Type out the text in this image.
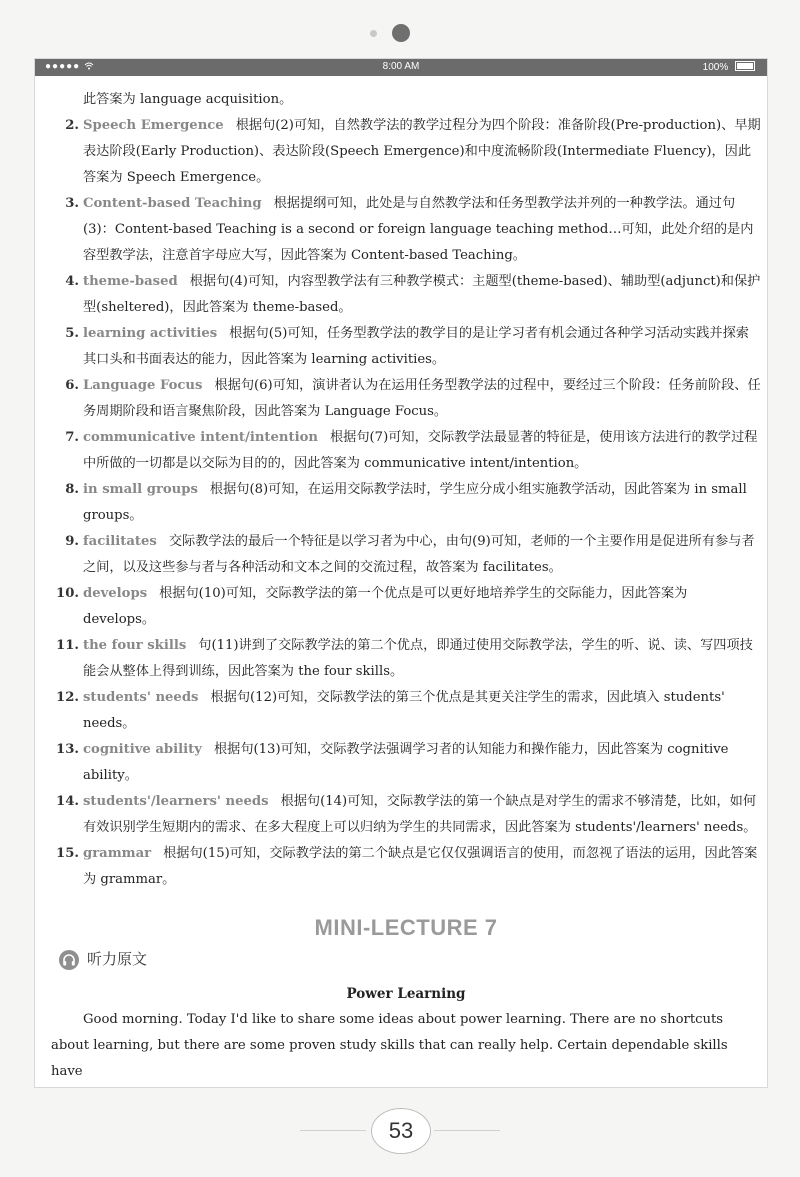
●●●●●	8:00 AM	100%
此答案为 language acquisition。
2. Speech Emergence 根据句(2)可知，自然教学法的教学过程分为四个阶段：准备阶段(Pre-production)、早期表达阶段(Early Production)、表达阶段(Speech Emergence)和中度流畅阶段(Intermediate Fluency)，因此答案为 Speech Emergence。
3. Content-based Teaching 根据提纲可知，此处是与自然教学法和任务型教学法并列的一种教学法。通过句(3)：Content-based Teaching is a second or foreign language teaching method…可知，此处介绍的是内容型教学法，注意首字母应大写，因此答案为 Content-based Teaching。
4. theme-based 根据句(4)可知，内容型教学法有三种教学模式：主题型(theme-based)、辅助型(adjunct)和保护型(sheltered)，因此答案为 theme-based。
5. learning activities 根据句(5)可知，任务型教学法的教学目的是让学习者有机会通过各种学习活动实践并探索其口头和书面表达的能力，因此答案为 learning activities。
6. Language Focus 根据句(6)可知，演讲者认为在运用任务型教学法的过程中，要经过三个阶段：任务前阶段、任务周期阶段和语言聚焦阶段，因此答案为 Language Focus。
7. communicative intent/intention 根据句(7)可知，交际教学法最显著的特征是，使用该方法进行的教学过程中所做的一切都是以交际为目的的，因此答案为 communicative intent/intention。
8. in small groups 根据句(8)可知，在运用交际教学法时，学生应分成小组实施教学活动，因此答案为 in small groups。
9. facilitates 交际教学法的最后一个特征是以学习者为中心，由句(9)可知，老师的一个主要作用是促进所有参与者之间，以及这些参与者与各种活动和文本之间的交流过程，故答案为 facilitates。
10. develops 根据句(10)可知，交际教学法的第一个优点是可以更好地培养学生的交际能力，因此答案为 develops。
11. the four skills 句(11)讲到了交际教学法的第二个优点，即通过使用交际教学法，学生的听、说、读、写四项技能会从整体上得到训练，因此答案为 the four skills。
12. students' needs 根据句(12)可知，交际教学法的第三个优点是其更关注学生的需求，因此填入 students' needs。
13. cognitive ability 根据句(13)可知，交际教学法强调学习者的认知能力和操作能力，因此答案为 cognitive ability。
14. students'/learners' needs 根据句(14)可知，交际教学法的第一个缺点是对学生的需求不够清楚，比如，如何有效识别学生短期内的需求、在多大程度上可以归纳为学生的共同需求，因此答案为 students'/learners' needs。
15. grammar 根据句(15)可知，交际教学法的第二个缺点是它仅仅强调语言的使用，而忽视了语法的运用，因此答案为 grammar。
MINI-LECTURE 7
听力原文
Power Learning
Good morning. Today I'd like to share some ideas about power learning. There are no shortcuts about learning, but there are some proven study skills that can really help. Certain dependable skills have
53
